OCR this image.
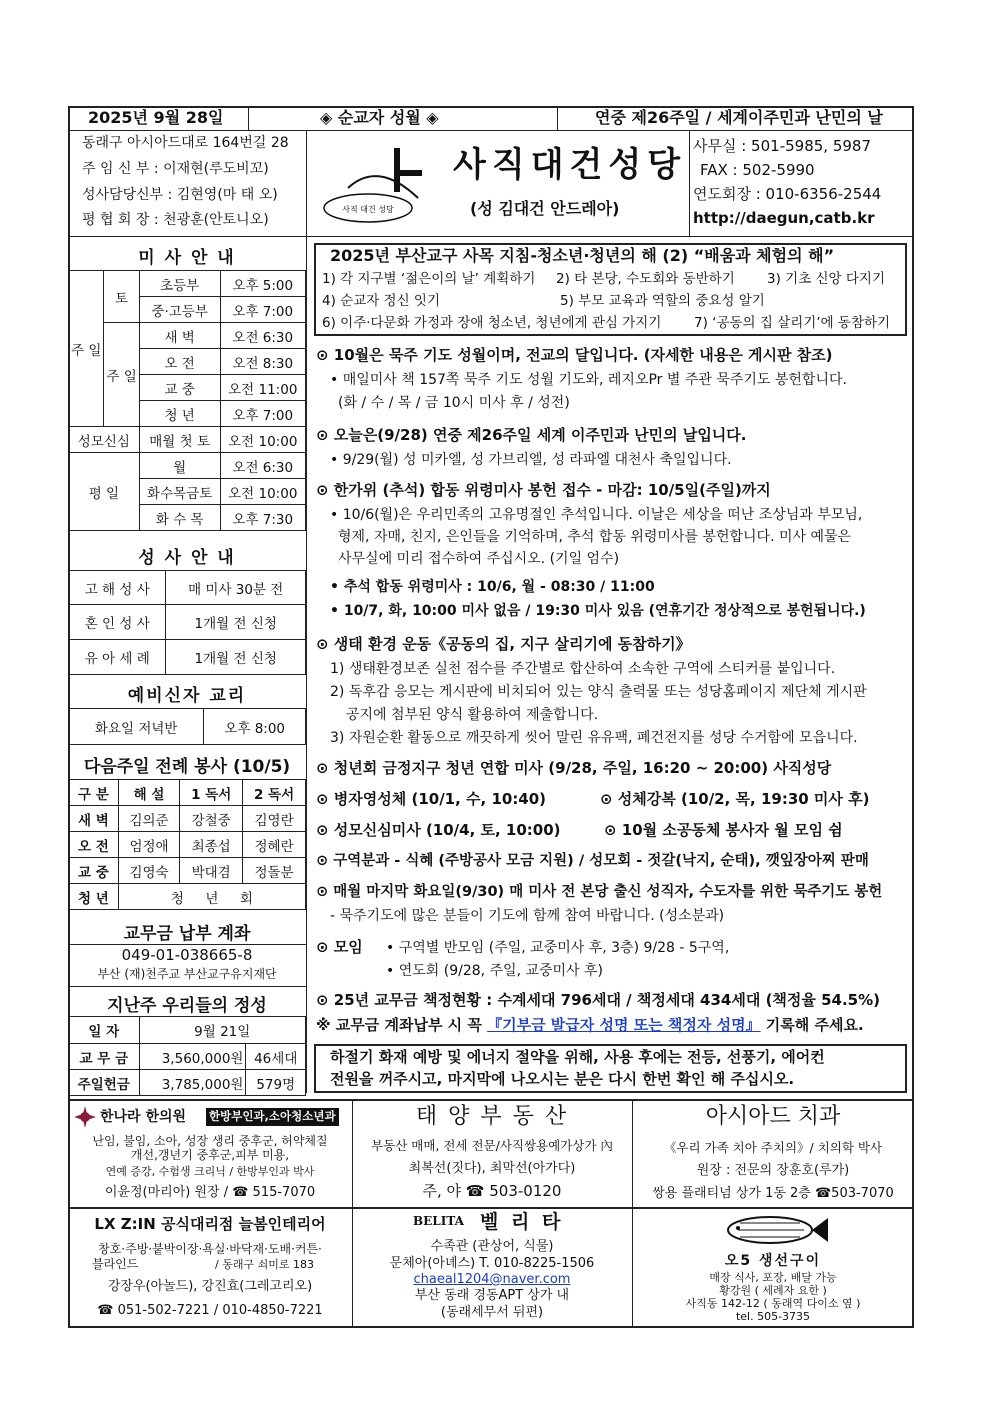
2025년 9월 28일	◈ 순교자 성월 ◈	연중 제26주일 / 세계이주민과 난민의 날
동래구 아시아드대로 164번길 28
주 임 신 부 : 이재현(루도비꼬)
성사담당신부 : 김현영(마 태 오)
평 협 회 장 : 천광훈(안토니오)
사직 대건 성당
사직대건성당
(성 김대건 안드레아)
사무실 : 501-5985, 5987
FAX : 502-5990
연도회장 : 010-6356-2544
http://daegun,catb.kr
미 사 안 내
주 일	토	초등부	오후 5:00
		중·고등부	오후 7:00
	주 일	새 벽	오전 6:30
		오 전	오전 8:30
		교 중	오전 11:00
		청 년	오후 7:00
성모신심		매월 첫 토	오전 10:00
평 일		월	오전 6:30
		화수목금토	오전 10:00
		화 수 목	오후 7:30
성 사 안 내
고 해 성 사	매 미사 30분 전
혼 인 성 사	1개월 전 신청
유 아 세 례	1개월 전 신청
예비신자 교리
화요일 저녁반	오후 8:00
다음주일 전례 봉사 (10/5)
구 분	해 설	1 독서	2 독서
새 벽	김의준	강철중	김영란
오 전	엄정애	최종섭	정혜란
교 중	김영숙	박대겸	정돌분
청 년	청     년     회		
교무금 납부 계좌
049-01-038665-8
부산 (재)천주교 부산교구유지재단
지난주 우리들의 정성
일 자	9월 21일	
교 무 금	3,560,000원	46세대
주일헌금	3,785,000원	579명
2025년 부산교구 사목 지침-청소년·청년의 해 (2) “배움과 체험의 해”
1) 각 지구별 ‘젊은이의 날’ 계획하기 2) 타 본당, 수도회와 동반하기 3) 기초 신앙 다지기
4) 순교자 정신 잇기	5) 부모 교육과 역할의 중요성 알기
6) 이주·다문화 가정과 장애 청소년, 청년에게 관심 가지기 7) ‘공동의 집 살리기’에 동참하기
⊙ 10월은 묵주 기도 성월이며, 전교의 달입니다. (자세한 내용은 게시판 참조)
• 매일미사 책 157쪽 묵주 기도 성월 기도와, 레지오Pr 별 주관 묵주기도 봉헌합니다.
(화 / 수 / 목 / 금 10시 미사 후 / 성전)
⊙ 오늘은(9/28) 연중 제26주일 세계 이주민과 난민의 날입니다.
• 9/29(월) 성 미카엘, 성 가브리엘, 성 라파엘 대천사 축일입니다.
⊙ 한가위 (추석) 합동 위령미사 봉헌 접수 - 마감: 10/5일(주일)까지
• 10/6(월)은 우리민족의 고유명절인 추석입니다. 이날은 세상을 떠난 조상님과 부모님,
형제, 자매, 친지, 은인들을 기억하며, 추석 합동 위령미사를 봉헌합니다. 미사 예물은
사무실에 미리 접수하여 주십시오. (기일 엄수)
• 추석 합동 위령미사 : 10/6, 월 - 08:30 / 11:00
• 10/7, 화, 10:00 미사 없음 / 19:30 미사 있음 (연휴기간 정상적으로 봉헌됩니다.)
⊙ 생태 환경 운동《공동의 집, 지구 살리기에 동참하기》
1) 생태환경보존 실천 점수를 주간별로 합산하여 소속한 구역에 스티커를 붙입니다.
2) 독후감 응모는 게시판에 비치되어 있는 양식 출력물 또는 성당홈페이지 제단체 게시판
공지에 첨부된 양식 활용하여 제출합니다.
3) 자원순환 활동으로 깨끗하게 씻어 말린 유유팩, 폐건전지를 성당 수거함에 모읍니다.
⊙ 청년회 금정지구 청년 연합 미사 (9/28, 주일, 16:20 ~ 20:00) 사직성당
⊙ 병자영성체 (10/1, 수, 10:40)	⊙ 성체강복 (10/2, 목, 19:30 미사 후)
⊙ 성모신심미사 (10/4, 토, 10:00)	⊙ 10월 소공동체 봉사자 월 모임 쉼
⊙ 구역분과 - 식혜 (주방공사 모금 지원) / 성모회 - 젓갈(낙지, 순태), 깻잎장아찌 판매
⊙ 매월 마지막 화요일(9/30) 매 미사 전 본당 출신 성직자, 수도자를 위한 묵주기도 봉헌
- 묵주기도에 많은 분들이 기도에 함께 참여 바랍니다. (성소분과)
⊙ 모임 • 구역별 반모임 (주일, 교중미사 후, 3층) 9/28 - 5구역,
• 연도회 (9/28, 주일, 교중미사 후)
⊙ 25년 교무금 책정현황 : 수계세대 796세대 / 책정세대 434세대 (책정율 54.5%)
※ 교무금 계좌납부 시 꼭 『기부금 발급자 성명 또는 책정자 성명』 기록해 주세요.
하절기 화재 예방 및 에너지 절약을 위해, 사용 후에는 전등, 선풍기, 에어컨
전원을 꺼주시고, 마지막에 나오시는 분은 다시 한번 확인 해 주십시오.
한나라 한의원 한방부인과,소아청소년과
난임, 불임, 소아, 성장 생리 중후군, 허약체질
개선,갱년기 중후군,피부 미용,
연예 증강, 수험생 크리닉 / 한방부인과 박사
이윤정(마리아) 원장 / ☎ 515-7070
태 양 부 동 산
부동산 매매, 전세 전문/사직쌍용예가상가 內
최복선(짓다), 최막선(아가다)
주, 야 ☎ 503-0120
아시아드 치과
《우리 가족 치아 주치의》/ 치의학 박사
원장 : 전문의 장훈호(루가)
쌍용 플래티넘 상가 1동 2층 ☎503-7070
LX Z:IN 공식대리점 늘봄인테리어
창호·주방·붙박이장·욕실·바닥재·도배·커튼·
블라인드	/ 동래구 쇠미로 183
강장우(아놀드), 강진효(그레고리오)
☎ 051-502-7221 / 010-4850-7221
BELITA 벨 리 타
수족관 (관상어, 식물)
문체아(아녜스) T. 010-8225-1506
chaeal1204@naver.com
부산 동래 경동APT 상가 내
(동래세무서 뒤편)
오5 생선구이
매장 식사, 포장, 배달 가능
황강원 ( 세례자 요한 )
사직동 142-12 ( 동래역 다이소 옆 )
tel. 505-3735
